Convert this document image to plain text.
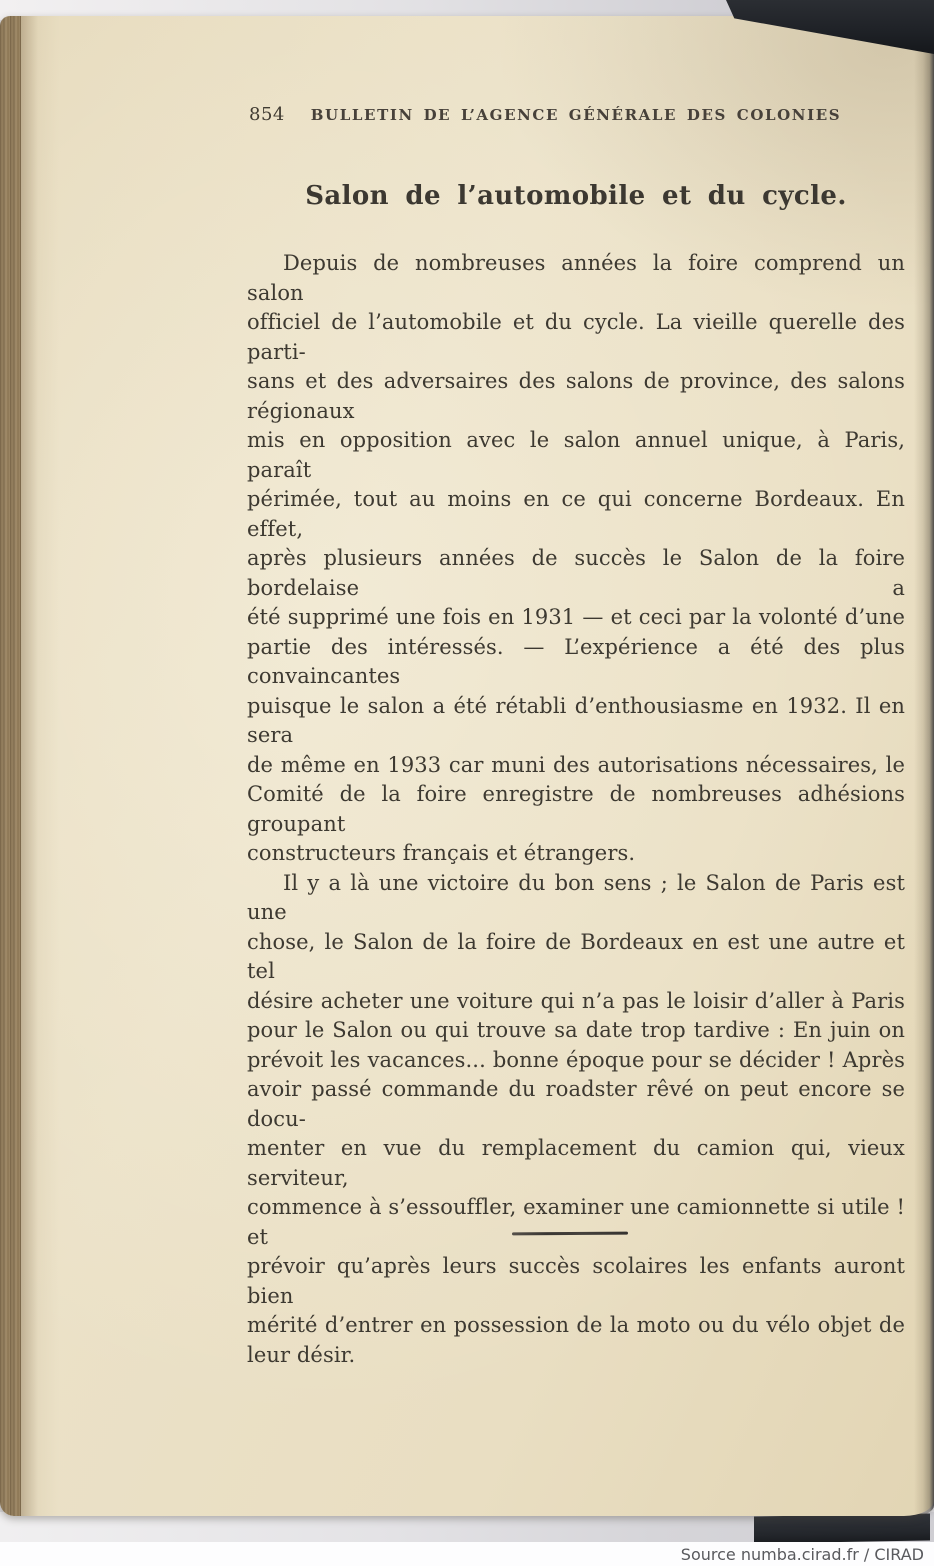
854	BULLETIN DE L’AGENCE GÉNÉRALE DES COLONIES
Salon de l’automobile et du cycle.
Depuis de nombreuses années la foire comprend un salon
officiel de l’automobile et du cycle. La vieille querelle des parti-
sans et des adversaires des salons de province, des salons régionaux
mis en opposition avec le salon annuel unique, à Paris, paraît
périmée, tout au moins en ce qui concerne Bordeaux. En effet,
après plusieurs années de succès le Salon de la foire bordelaise a
été supprimé une fois en 1931 — et ceci par la volonté d’une
partie des intéressés. — L’expérience a été des plus convaincantes
puisque le salon a été rétabli d’enthousiasme en 1932. Il en sera
de même en 1933 car muni des autorisations nécessaires, le
Comité de la foire enregistre de nombreuses adhésions groupant
constructeurs français et étrangers.
Il y a là une victoire du bon sens ; le Salon de Paris est une
chose, le Salon de la foire de Bordeaux en est une autre et tel
désire acheter une voiture qui n’a pas le loisir d’aller à Paris
pour le Salon ou qui trouve sa date trop tardive : En juin on
prévoit les vacances... bonne époque pour se décider ! Après
avoir passé commande du roadster rêvé on peut encore se docu-
menter en vue du remplacement du camion qui, vieux serviteur,
commence à s’essouffler, examiner une camionnette si utile ! et
prévoir qu’après leurs succès scolaires les enfants auront bien
mérité d’entrer en possession de la moto ou du vélo objet de
leur désir.
Source numba.cirad.fr / CIRAD
